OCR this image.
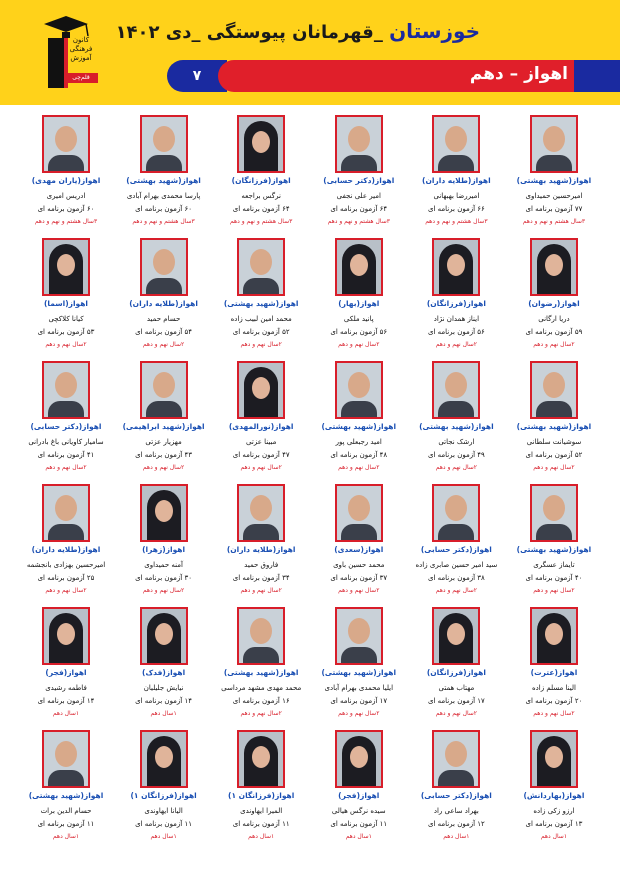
کانون
فرهنگی
آموزش
قلم‌چی
خوزستان _قهرمانان پیوستگی _دی ۱۴۰۲
۷	اهواز – دهم
اهواز(شهید بهشتی)
امیرحسین حمیداوی
۷۷ آزمون برنامه ای
۳سال هشتم و نهم و دهم
اهواز(طلایه داران)
امیررضا بهبهانی
۶۶ آزمون برنامه ای
۳سال هشتم و نهم و دهم
اهواز(دکتر حسابی)
امیر علی نجفی
۶۴ آزمون برنامه ای
۳سال هشتم و نهم و دهم
اهواز(فرزانگان)
نرگس براجعه
۶۴ آزمون برنامه ای
۳سال هشتم و نهم و دهم
اهواز(شهید بهشتی)
پارسا محمدی بهرام آبادی
۶۰ آزمون برنامه ای
۳سال هشتم و نهم و دهم
اهواز(یاران مهدی)
ادریس امیری
۶۰ آزمون برنامه ای
۳سال هشتم و نهم و دهم
اهواز(رضوان)
دریا ارگانی
۵۹ آزمون برنامه ای
۲سال نهم و دهم
اهواز(فرزانگان)
ایناز همدان نژاد
۵۶ آزمون برنامه ای
۲سال نهم و دهم
اهواز(بهار)
پانید ملکی
۵۶ آزمون برنامه ای
۲سال نهم و دهم
اهواز(شهید بهشتی)
محمد امین لبیب زاده
۵۲ آزمون برنامه ای
۲سال نهم و دهم
اهواز(طلایه داران)
حسام حمید
۵۴ آزمون برنامه ای
۲سال نهم و دهم
اهواز(اسما)
کیانا کلاکچی
۵۳ آزمون برنامه ای
۲سال نهم و دهم
اهواز(شهید بهشتی)
سوشیانت سلطانی
۵۲ آزمون برنامه ای
۲سال نهم و دهم
اهواز(شهید بهشتی)
ارشک نجاتی
۴۹ آزمون برنامه ای
۲سال نهم و دهم
اهواز(شهید بهشتی)
امید رجبعلی پور
۴۸ آزمون برنامه ای
۲سال نهم و دهم
اهواز(نورالمهدی)
مبینا عزتی
۴۷ آزمون برنامه ای
۲سال نهم و دهم
اهواز(شهید ابراهیمی)
مهزیار عزتی
۴۳ آزمون برنامه ای
۲سال نهم و دهم
اهواز(دکتر حسابی)
سامیار کاویانی باغ بادرانی
۴۱ آزمون برنامه ای
۲سال نهم و دهم
اهواز(شهید بهشتی)
تایماز عسگری
۴۰ آزمون برنامه ای
۲سال نهم و دهم
اهواز(دکتر حسابی)
سید امیر حسین صابری زاده
۳۸ آزمون برنامه ای
۲سال نهم و دهم
اهواز(سعدی)
محمد حسین باوی
۳۷ آزمون برنامه ای
۲سال نهم و دهم
اهواز(طلایه داران)
فاروق حمید
۳۴ آزمون برنامه ای
۲سال نهم و دهم
اهواز(زهرا)
آمنه حمیداوی
۳۰ آزمون برنامه ای
۲سال نهم و دهم
اهواز(طلایه داران)
امیرحسین بهزادی بانجشمه
۲۵ آزمون برنامه ای
۲سال نهم و دهم
اهواز(عترت)
الینا مسلم زاده
۲۰ آزمون برنامه ای
۲سال نهم و دهم
اهواز(فرزانگان)
مهتاب همتی
۱۷ آزمون برنامه ای
۲سال نهم و دهم
اهواز(شهید بهشتی)
ایلیا محمدی بهرام آبادی
۱۷ آزمون برنامه ای
۲سال نهم و دهم
اهواز(شهید بهشتی)
محمد مهدی مشهد مرداسی
۱۶ آزمون برنامه ای
۲سال نهم و دهم
اهواز(فدک)
نیایش جلیلیان
۱۴ آزمون برنامه ای
۱سال دهم
اهواز(فجر)
فاطمه رشیدی
۱۴ آزمون برنامه ای
۱سال دهم
اهواز(بهاردانش)
ارزو زکی زاده
۱۳ آزمون برنامه ای
۱سال دهم
اهواز(دکتر حسابی)
بهراد ساعی راد
۱۲ آزمون برنامه ای
۱سال دهم
اهواز(فجر)
سیده نرگس هیالی
۱۱ آزمون برنامه ای
۱سال دهم
اهواز(فرزانگان ۱)
المیرا ایهاوندی
۱۱ آزمون برنامه ای
۱سال دهم
اهواز(فرزانگان ۱)
الیانا ایهاوندی
۱۱ آزمون برنامه ای
۱سال دهم
اهواز(شهید بهشتی)
حسام الدین برات
۱۱ آزمون برنامه ای
۱سال دهم
